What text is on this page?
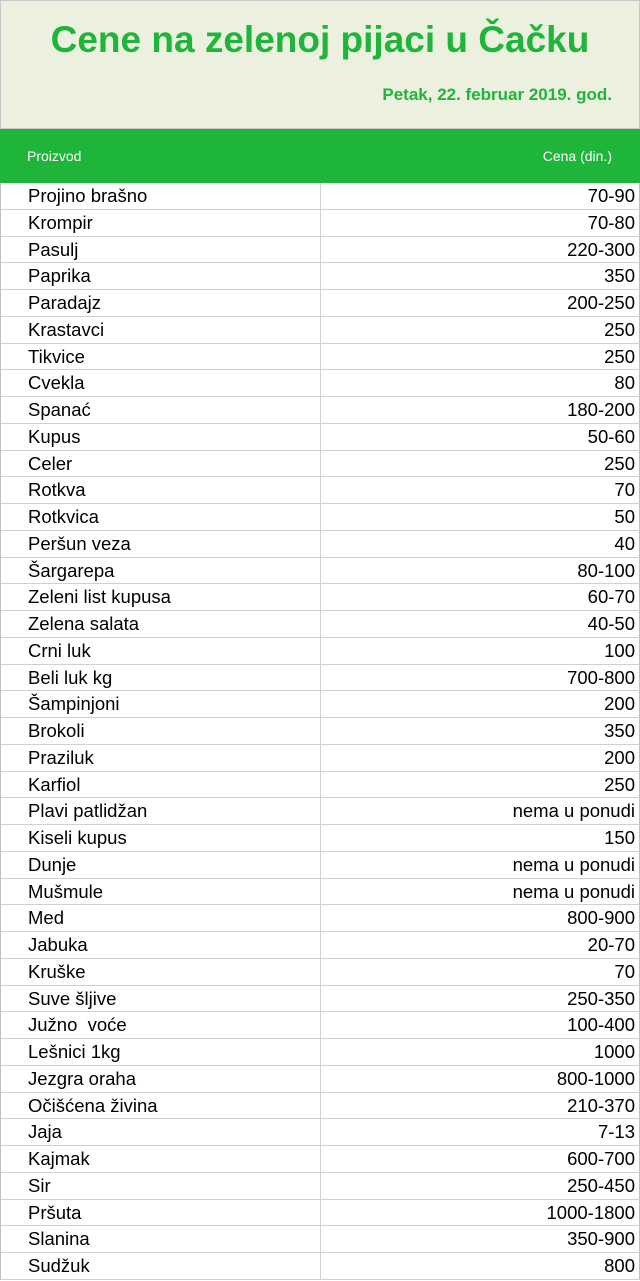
Cene na zelenoj pijaci u Čačku
Petak, 22. februar 2019. god.
Proizvod	Cena (din.)
Projino brašno	70-90
Krompir	70-80
Pasulj	220-300
Paprika	350
Paradajz	200-250
Krastavci	250
Tikvice	250
Cvekla	80
Spanać	180-200
Kupus	50-60
Celer	250
Rotkva	70
Rotkvica	50
Peršun veza	40
Šargarepa	80-100
Zeleni list kupusa	60-70
Zelena salata	40-50
Crni luk	100
Beli luk kg	700-800
Šampinjoni	200
Brokoli	350
Praziluk	200
Karfiol	250
Plavi patlidžan	nema u ponudi
Kiseli kupus	150
Dunje	nema u ponudi
Mušmule	nema u ponudi
Med	800-900
Jabuka	20-70
Kruške	70
Suve šljive	250-350
Južno  voće	100-400
Lešnici 1kg	1000
Jezgra oraha	800-1000
Očišćena živina	210-370
Jaja	7-13
Kajmak	600-700
Sir	250-450
Pršuta	1000-1800
Slanina	350-900
Sudžuk	800
